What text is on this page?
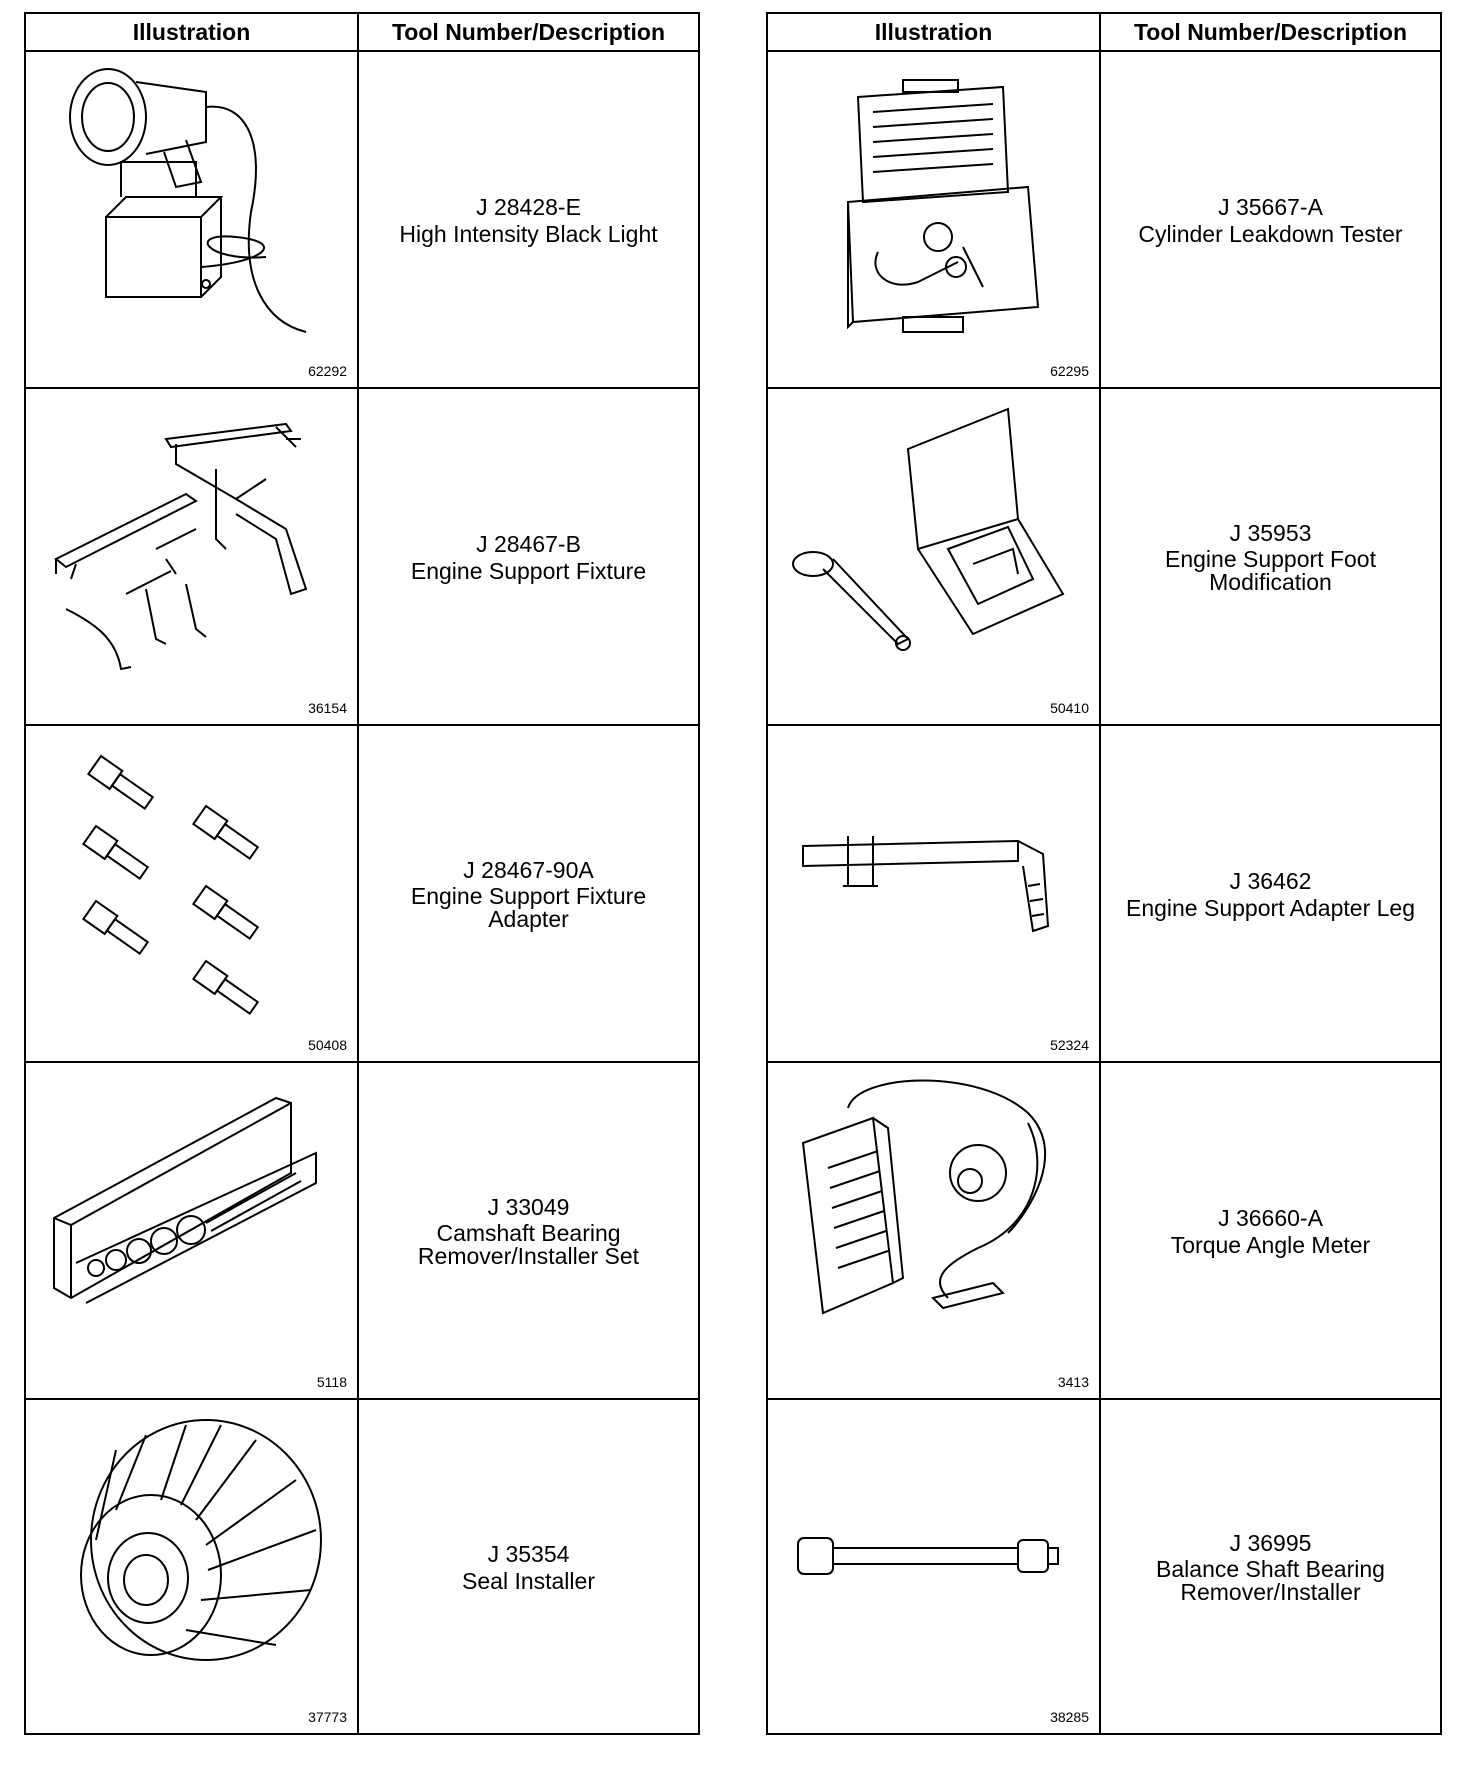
Illustration	Tool Number/Description
62292
J 28428-E
High Intensity Black Light
36154
J 28467-B
Engine Support Fixture
50408
J 28467-90A
Engine Support Fixture Adapter
5118
J 33049
Camshaft Bearing Remover/Installer Set
37773
J 35354
Seal Installer
Illustration	Tool Number/Description
62295
J 35667-A
Cylinder Leakdown Tester
50410
J 35953
Engine Support Foot Modification
52324
J 36462
Engine Support Adapter Leg
3413
J 36660-A
Torque Angle Meter
38285
J 36995
Balance Shaft Bearing Remover/Installer
